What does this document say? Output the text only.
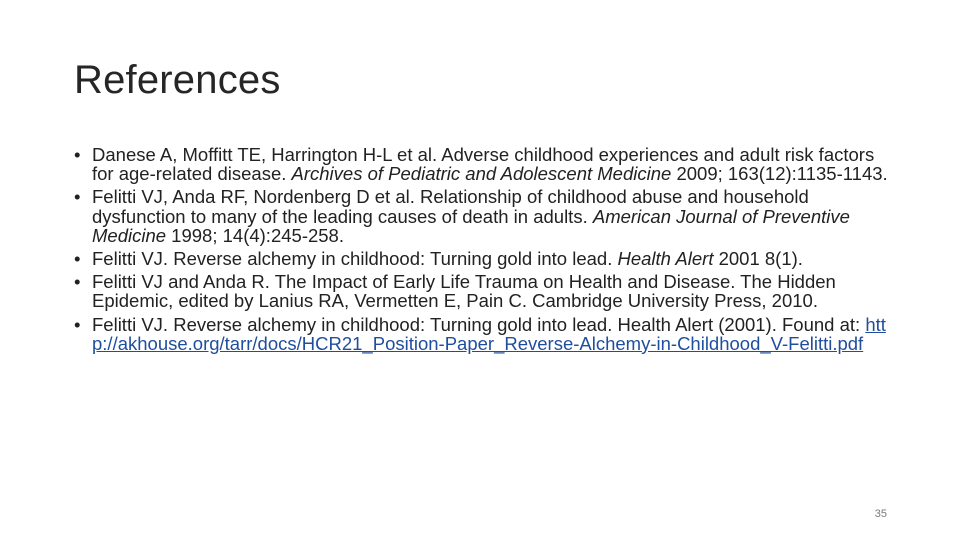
References
• Danese A, Moffitt TE, Harrington H-L et al. Adverse childhood experiences and adult risk factors for age-related disease. Archives of Pediatric and Adolescent Medicine 2009; 163(12):1135-1143.
• Felitti VJ, Anda RF, Nordenberg D et al. Relationship of childhood abuse and household dysfunction to many of the leading causes of death in adults. American Journal of Preventive Medicine 1998; 14(4):245-258.
• Felitti VJ. Reverse alchemy in childhood: Turning gold into lead. Health Alert 2001 8(1).
• Felitti VJ and Anda R. The Impact of Early Life Trauma on Health and Disease. The Hidden Epidemic, edited by Lanius RA, Vermetten E, Pain C. Cambridge University Press, 2010.
• Felitti VJ. Reverse alchemy in childhood: Turning gold into lead. Health Alert (2001). Found at: http://akhouse.org/tarr/docs/HCR21_Position-Paper_Reverse-Alchemy-in-Childhood_V-Felitti.pdf
35
